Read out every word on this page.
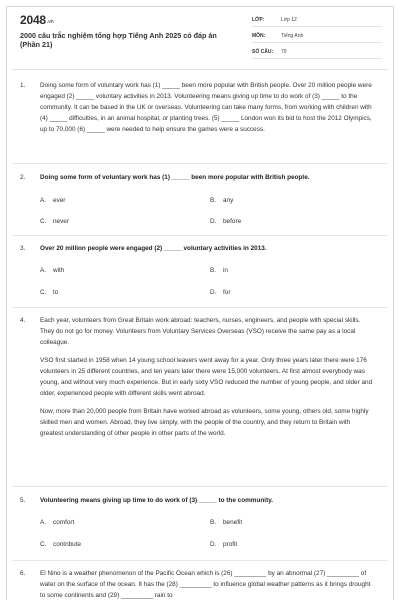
2048.vn
2000 câu trắc nghiệm tổng hợp Tiếng Anh 2025 có đáp án (Phần 21)
LỚP:	Lớp 12
MÔN:	Tiếng Anh
SỐ CÂU:	79
1.	Doing some form of voluntary work has (1) _____ been more popular with British people. Over 20 million people were engaged (2) _____ voluntary activities in 2013. Volunteering means giving up time to do work of (3) _____ to the community. It can be based in the UK or overseas. Volunteering can take many forms, from working with children with (4) _____ difficulties, in an animal hospital, or planting trees. (5) _____ London won its bid to host the 2012 Olympics, up to 70,000 (6) _____ were needed to help ensure the games were a success.
2.	Doing some form of voluntary work has (1) _____ been more popular with British people.
A. ever	B. any
C. never	D. before
3.	Over 20 million people were engaged (2) _____ voluntary activities in 2013.
A. with	B. in
C. to	D. for
4.	Each year, volunteers from Great Britain work abroad: teachers, nurses, engineers, and people with special skills. They do not go for money. Volunteers from Voluntary Services Overseas (VSO) receive the same pay as a local colleague.
VSO first started in 1958 when 14 young school leavers went away for a year. Only three years later there were 176 volunteers in 25 different countries, and ten years later there were 15,000 volunteers. At first almost everybody was young, and without very much experience. But in early sixty VSO reduced the number of young people, and older and older, experienced people with different skills went abroad.
Now, more than 20,000 people from Britain have worked abroad as volunteers, some young, others old, some highly skilled men and women. Abroad, they live simply, with the people of the country, and they return to Britain with greatest understanding of other people in other parts of the world.
5.	Volunteering means giving up time to do work of (3) _____ to the community.
A. comfort	B. benefit
C. contribute	D. profit
6.	El Nino is a weather phenomenon of the Pacific Ocean which is (26) _________ by an abnormal (27) _________ of water on the surface of the ocean. It has the (28) _________ to influence global weather patterns as it brings drought to some continents and (29) _________ rain to
